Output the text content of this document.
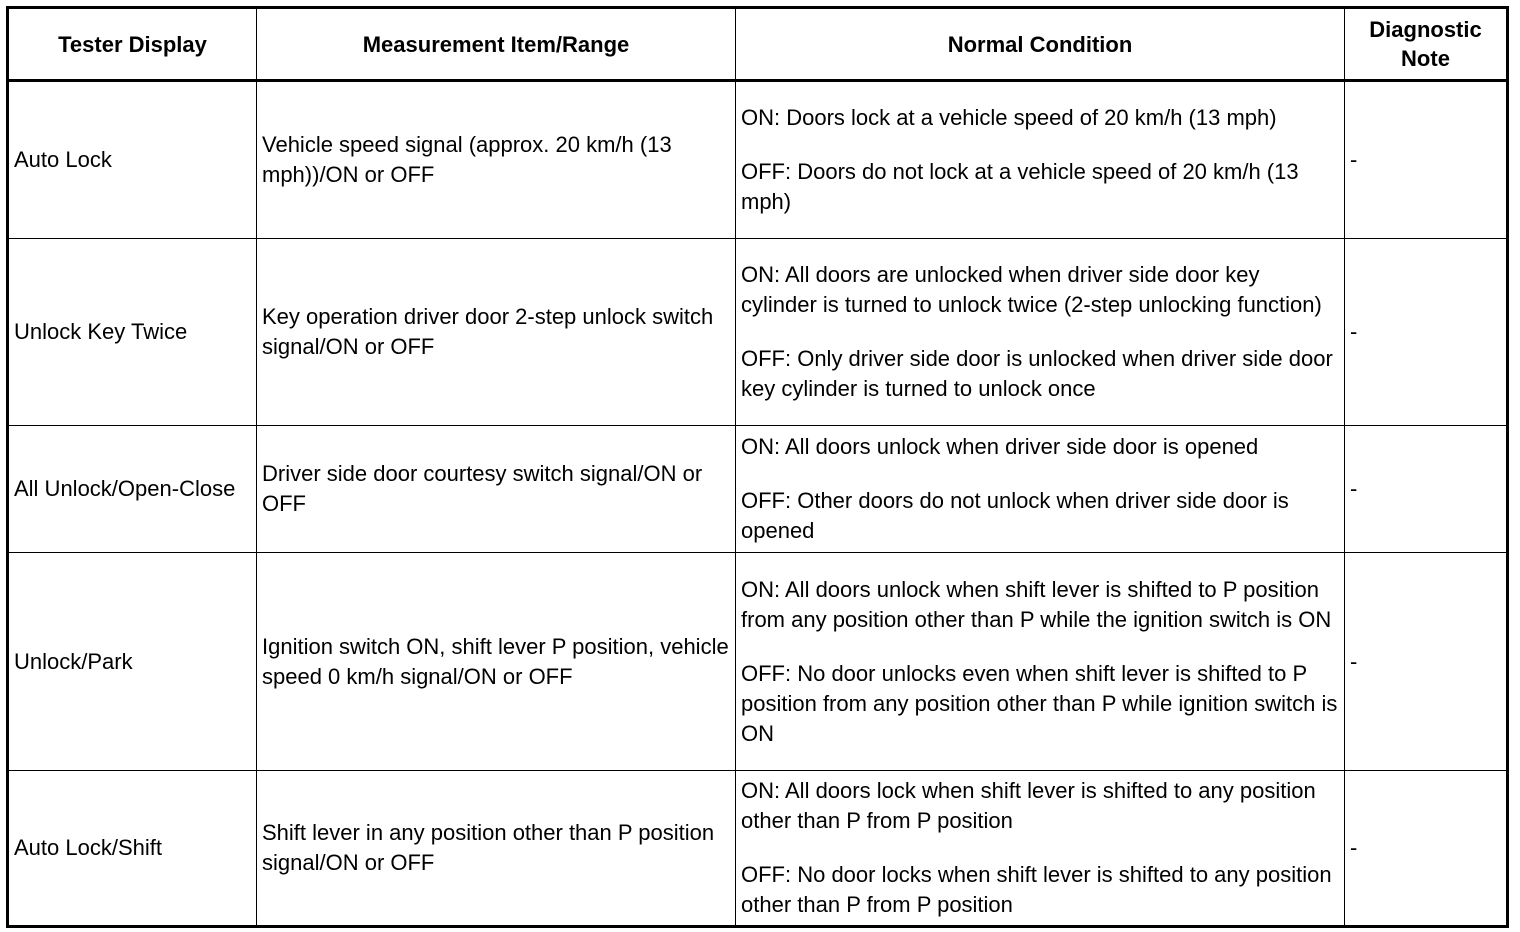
Tester Display	Measurement Item/Range	Normal Condition	Diagnostic Note
Auto Lock	Vehicle speed signal (approx. 20 km/h (13 mph))/ON or OFF	ON: Doors lock at a vehicle speed of 20 km/h (13 mph)
OFF: Doors do not lock at a vehicle speed of 20 km/h (13 mph)	-
Unlock Key Twice	Key operation driver door 2-step unlock switch signal/ON or OFF	ON: All doors are unlocked when driver side door key cylinder is turned to unlock twice (2-step unlocking function)
OFF: Only driver side door is unlocked when driver side door key cylinder is turned to unlock once	-
All Unlock/Open-Close	Driver side door courtesy switch signal/ON or OFF	ON: All doors unlock when driver side door is opened
OFF: Other doors do not unlock when driver side door is opened	-
Unlock/Park	Ignition switch ON, shift lever P position, vehicle speed 0 km/h signal/ON or OFF	ON: All doors unlock when shift lever is shifted to P position from any position other than P while the ignition switch is ON
OFF: No door unlocks even when shift lever is shifted to P position from any position other than P while ignition switch is ON	-
Auto Lock/Shift	Shift lever in any position other than P position signal/ON or OFF	ON: All doors lock when shift lever is shifted to any position other than P from P position
OFF: No door locks when shift lever is shifted to any position other than P from P position	-
